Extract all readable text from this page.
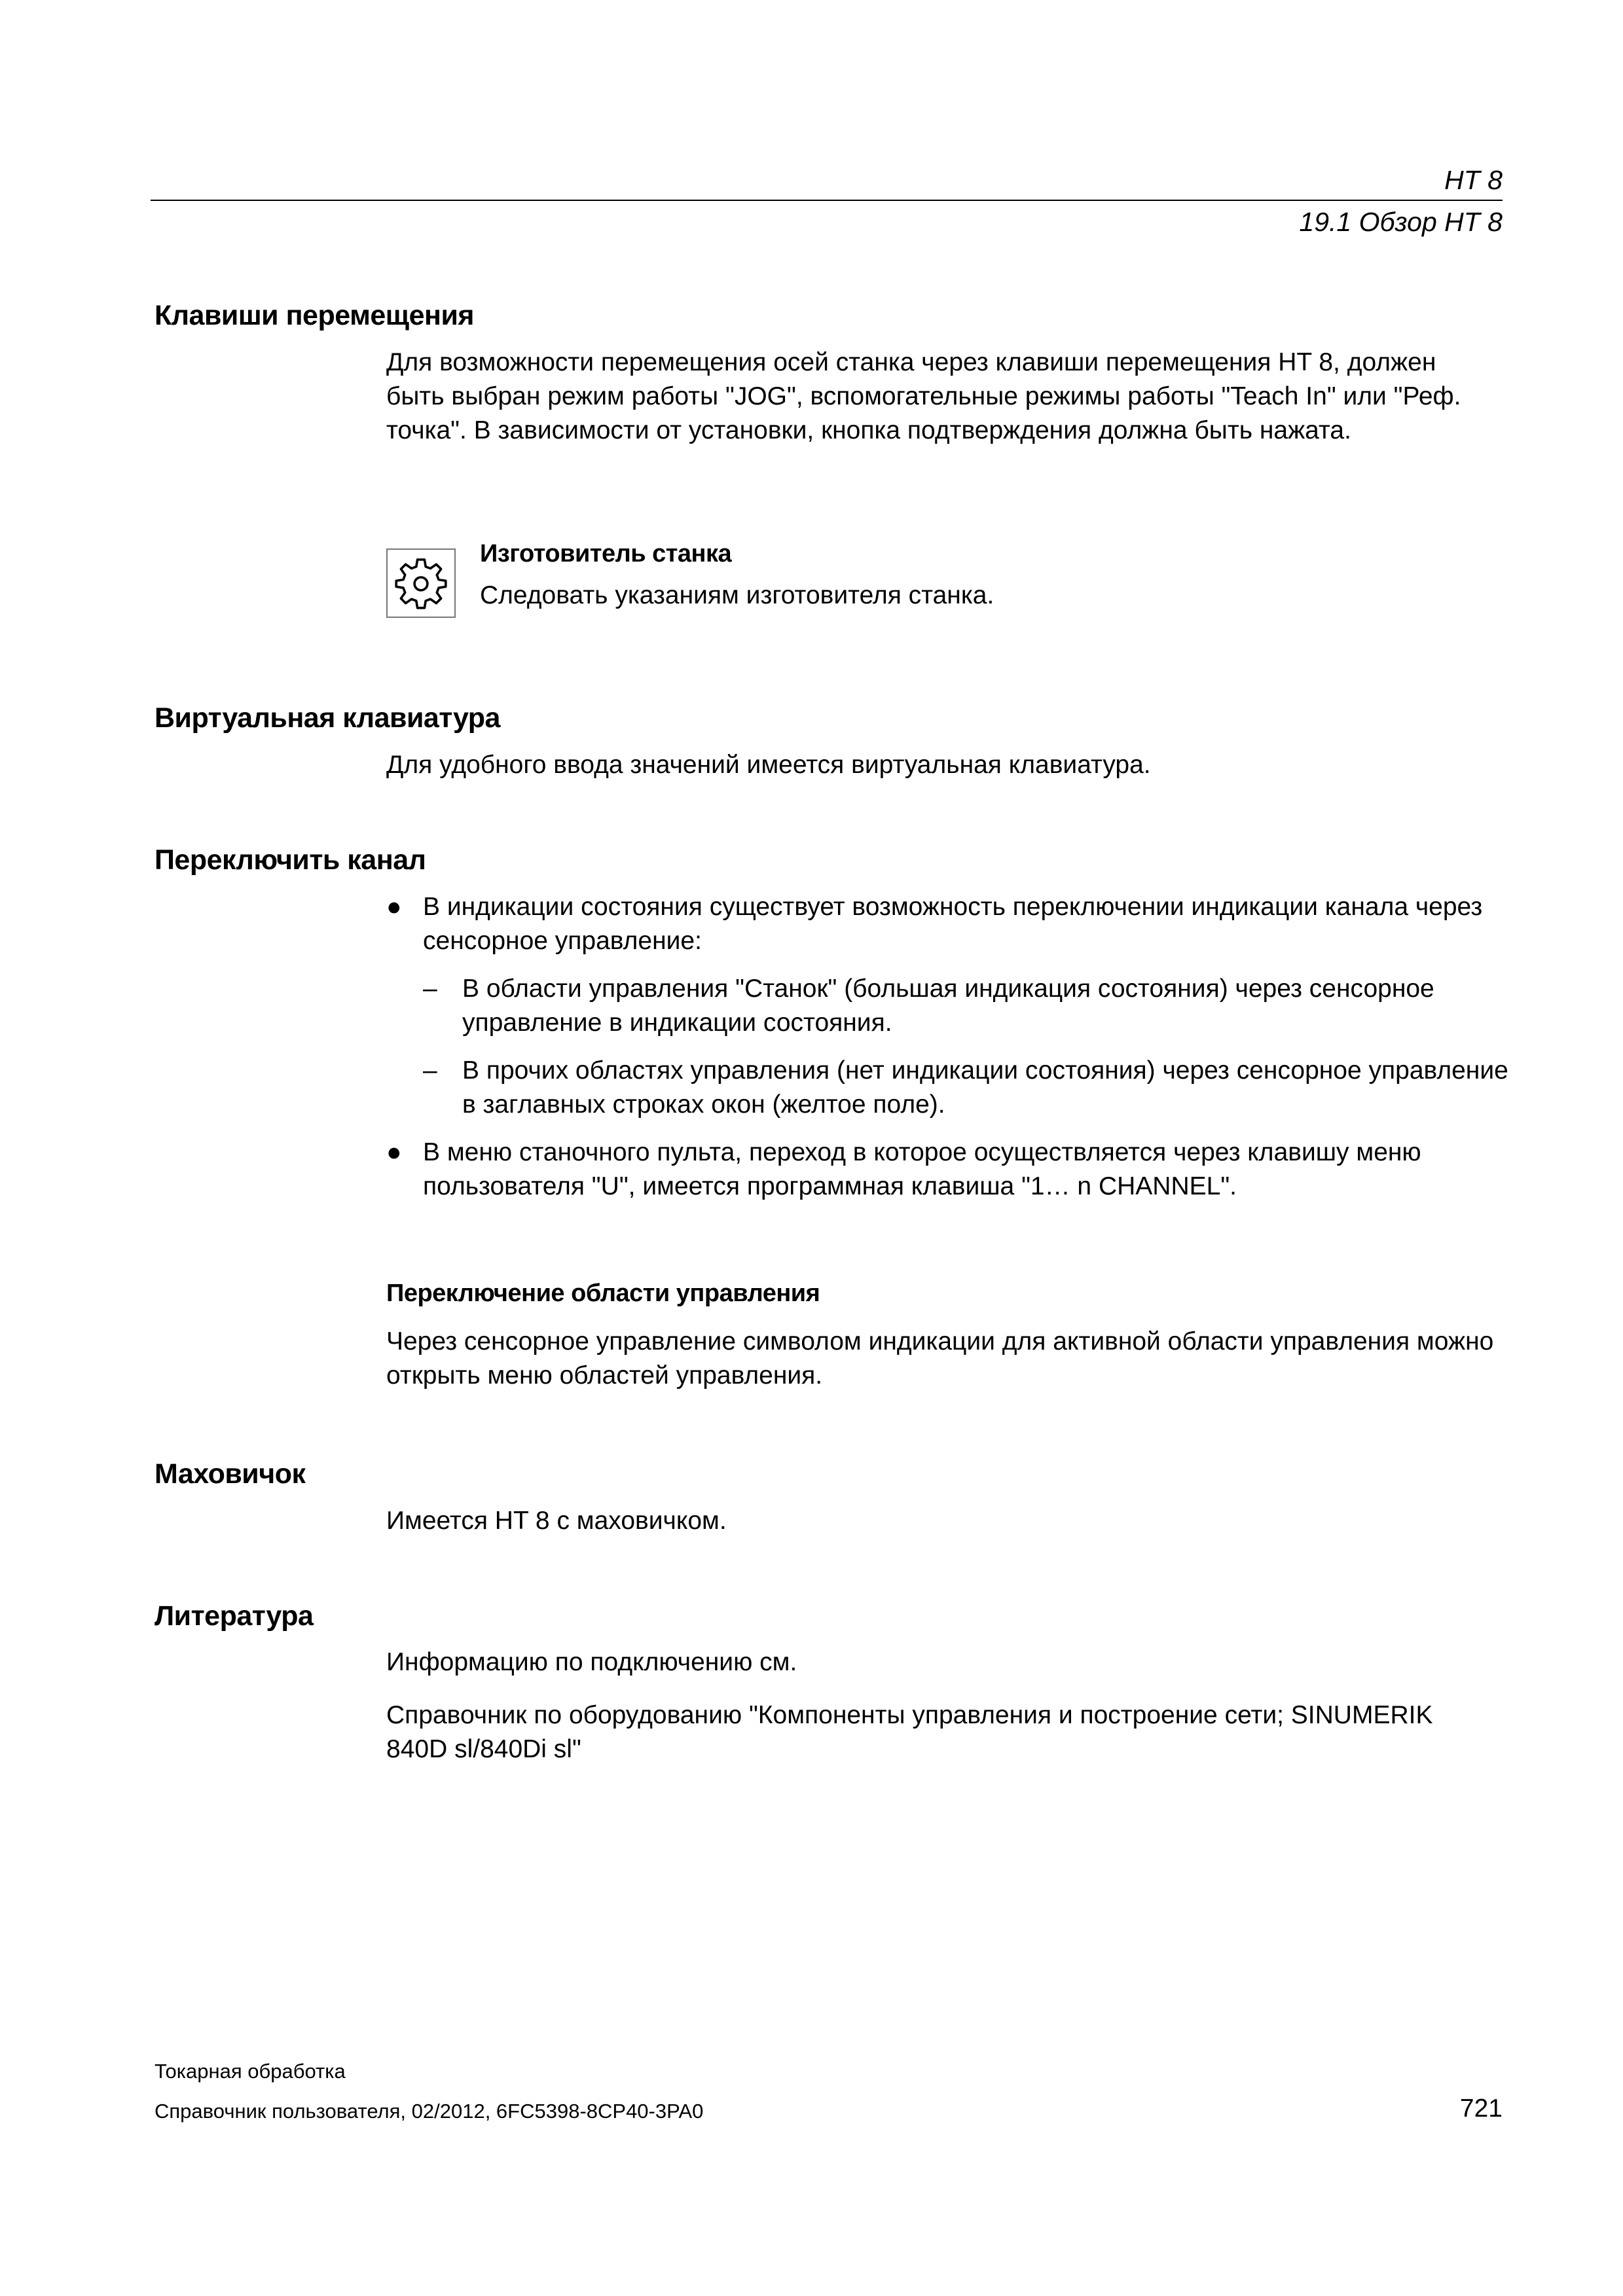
HT 8
19.1 Обзор HT 8
Клавиши перемещения
Для возможности перемещения осей станка через клавиши перемещения HT 8, должен быть выбран режим работы "JOG", вспомогательные режимы работы "Teach In" или "Реф. точка". В зависимости от установки, кнопка подтверждения должна быть нажата.
Изготовитель станка
Следовать указаниям изготовителя станка.
Виртуальная клавиатура
Для удобного ввода значений имеется виртуальная клавиатура.
Переключить канал
● В индикации состояния существует возможность переключении индикации канала через сенсорное управление:
– В области управления "Станок" (большая индикация состояния) через сенсорное управление в индикации состояния.
– В прочих областях управления (нет индикации состояния) через сенсорное управление в заглавных строках окон (желтое поле).
● В меню станочного пульта, переход в которое осуществляется через клавишу меню пользователя "U", имеется программная клавиша "1… n CHANNEL".
Переключение области управления
Через сенсорное управление символом индикации для активной области управления можно открыть меню областей управления.
Маховичок
Имеется HT 8 с маховичком.
Литература
Информацию по подключению см.
Справочник по оборудованию "Компоненты управления и построение сети; SINUMERIK 840D sl/840Di sl"
Токарная обработка
Справочник пользователя, 02/2012, 6FC5398-8CP40-3PA0	721
